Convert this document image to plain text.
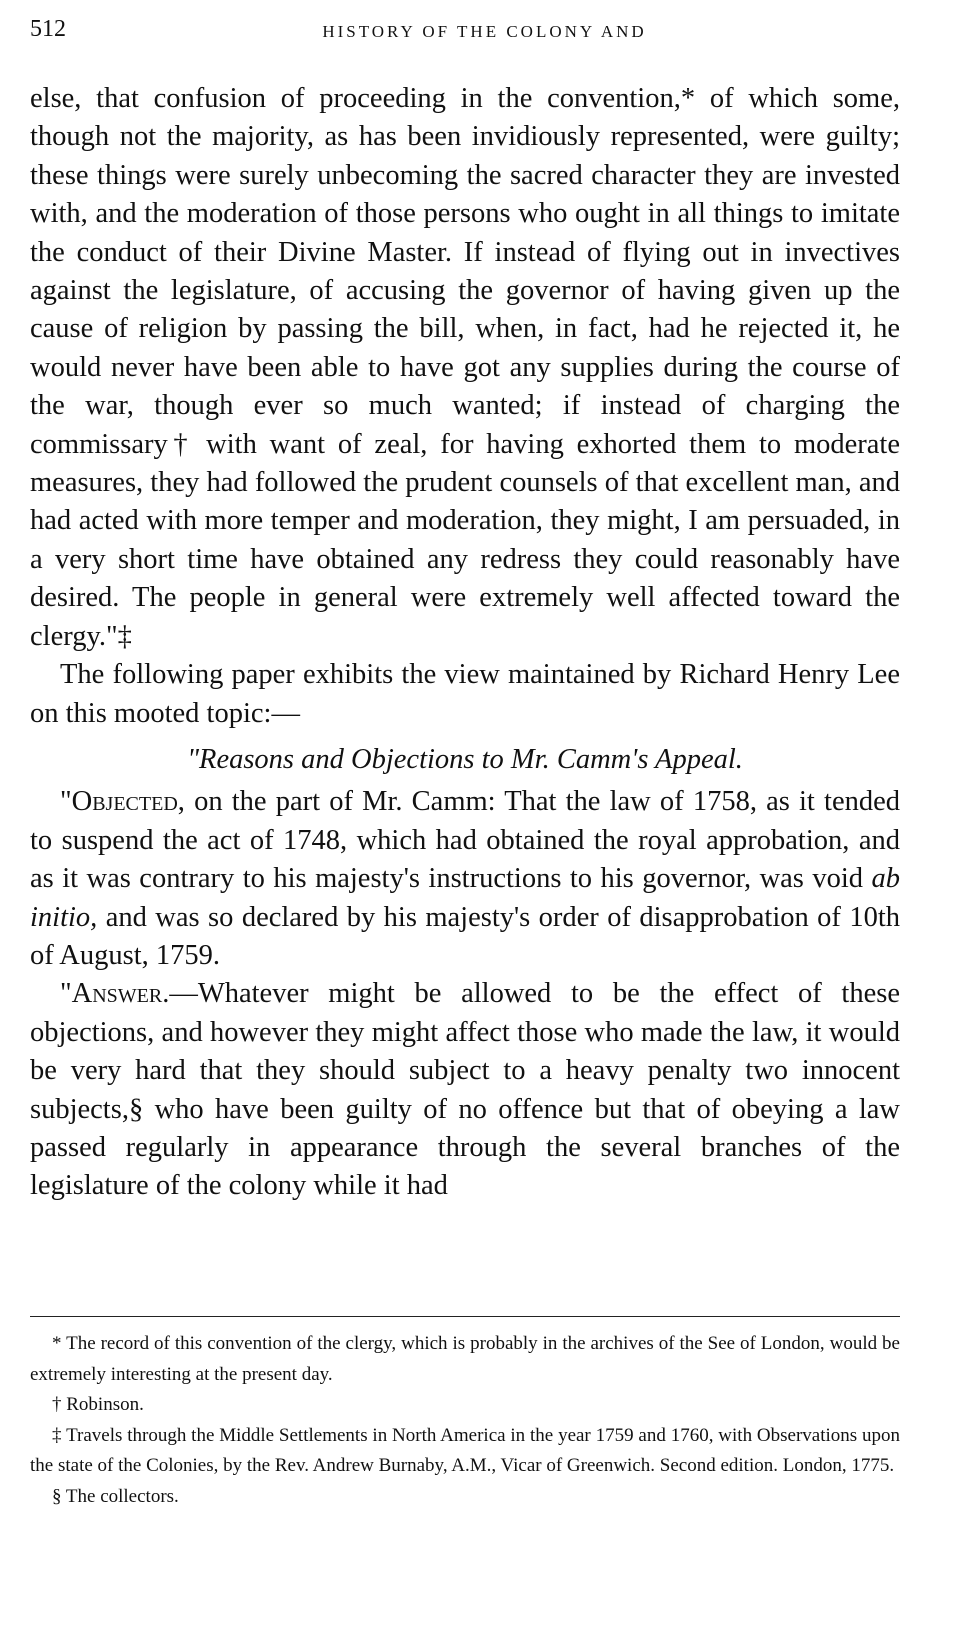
512	HISTORY OF THE COLONY AND

else, that confusion of proceeding in the convention,* of which some, though not the majority, as has been invidiously represented, were guilty; these things were surely unbecoming the sacred character they are invested with, and the moderation of those persons who ought in all things to imitate the conduct of their Divine Master. If instead of flying out in invectives against the legislature, of accusing the governor of having given up the cause of religion by passing the bill, when, in fact, had he rejected it, he would never have been able to have got any supplies during the course of the war, though ever so much wanted; if instead of charging the commissary† with want of zeal, for having exhorted them to moderate measures, they had followed the prudent counsels of that excellent man, and had acted with more temper and moderation, they might, I am persuaded, in a very short time have obtained any redress they could reasonably have desired. The people in general were extremely well affected toward the clergy."‡

The following paper exhibits the view maintained by Richard Henry Lee on this mooted topic:—

"Reasons and Objections to Mr. Camm's Appeal.

"Objected, on the part of Mr. Camm: That the law of 1758, as it tended to suspend the act of 1748, which had obtained the royal approbation, and as it was contrary to his majesty's instructions to his governor, was void ab initio, and was so declared by his majesty's order of disapprobation of 10th of August, 1759.

"Answer.—Whatever might be allowed to be the effect of these objections, and however they might affect those who made the law, it would be very hard that they should subject to a heavy penalty two innocent subjects,§ who have been guilty of no offence but that of obeying a law passed regularly in appearance through the several branches of the legislature of the colony while it had

* The record of this convention of the clergy, which is probably in the archives of the See of London, would be extremely interesting at the present day.

† Robinson.

‡ Travels through the Middle Settlements in North America in the year 1759 and 1760, with Observations upon the state of the Colonies, by the Rev. Andrew Burnaby, A.M., Vicar of Greenwich. Second edition. London, 1775.

§ The collectors.
